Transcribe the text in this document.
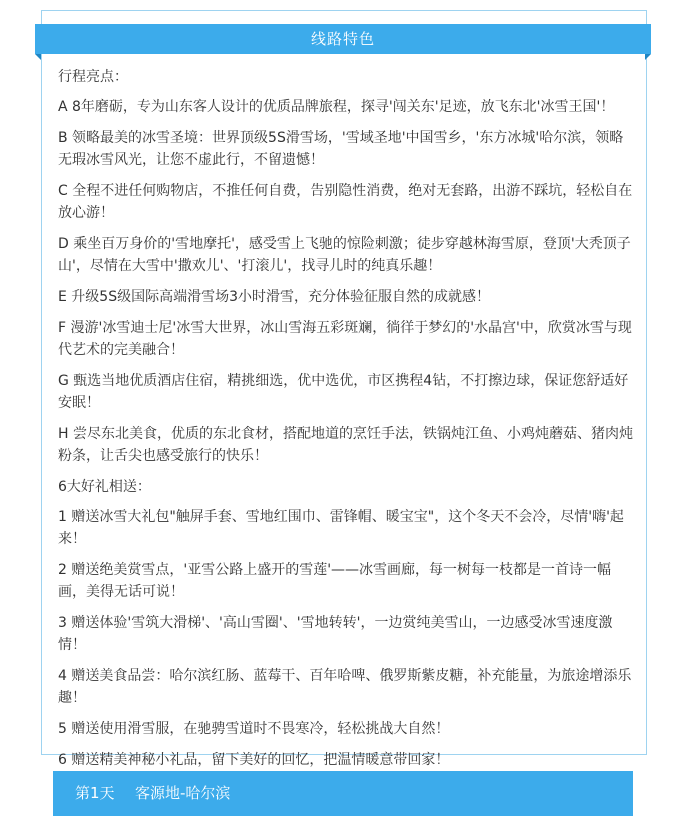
线路特色

行程亮点：

A 8年磨砺，专为山东客人设计的优质品牌旅程，探寻'闯关东'足迹，放飞东北'冰雪王国'！

B 领略最美的冰雪圣境：世界顶级5S滑雪场，'雪域圣地'中国雪乡，'东方冰城'哈尔滨，领略无瑕冰雪风光，让您不虚此行，不留遗憾！

C 全程不进任何购物店，不推任何自费，告别隐性消费，绝对无套路，出游不踩坑，轻松自在放心游！

D 乘坐百万身价的'雪地摩托'，感受雪上飞驰的惊险刺激；徒步穿越林海雪原，登顶'大秃顶子山'，尽情在大雪中'撒欢儿'、'打滚儿'，找寻儿时的纯真乐趣！

E 升级5S级国际高端滑雪场3小时滑雪，充分体验征服自然的成就感！

F 漫游'冰雪迪士尼'冰雪大世界，冰山雪海五彩斑斓，徜徉于梦幻的'水晶宫'中，欣赏冰雪与现代艺术的完美融合！

G 甄选当地优质酒店住宿，精挑细选，优中选优，市区携程4钻，不打擦边球，保证您舒适好安眠！

H 尝尽东北美食，优质的东北食材，搭配地道的烹饪手法，铁锅炖江鱼、小鸡炖蘑菇、猪肉炖粉条，让舌尖也感受旅行的快乐！

6大好礼相送：

1 赠送冰雪大礼包"触屏手套、雪地红围巾、雷锋帽、暖宝宝"，这个冬天不会冷，尽情'嗨'起来！

2 赠送绝美赏雪点，'亚雪公路上盛开的雪莲'——冰雪画廊，每一树每一枝都是一首诗一幅画，美得无话可说！

3 赠送体验'雪筑大滑梯'、'高山雪圈'、'雪地转转'，一边赏纯美雪山，一边感受冰雪速度激情！

4 赠送美食品尝：哈尔滨红肠、蓝莓干、百年哈啤、俄罗斯紫皮糖，补充能量，为旅途增添乐趣！

5 赠送使用滑雪服，在驰骋雪道时不畏寒冷，轻松挑战大自然！

6 赠送精美神秘小礼品，留下美好的回忆，把温情暖意带回家！

第1天 客源地-哈尔滨
